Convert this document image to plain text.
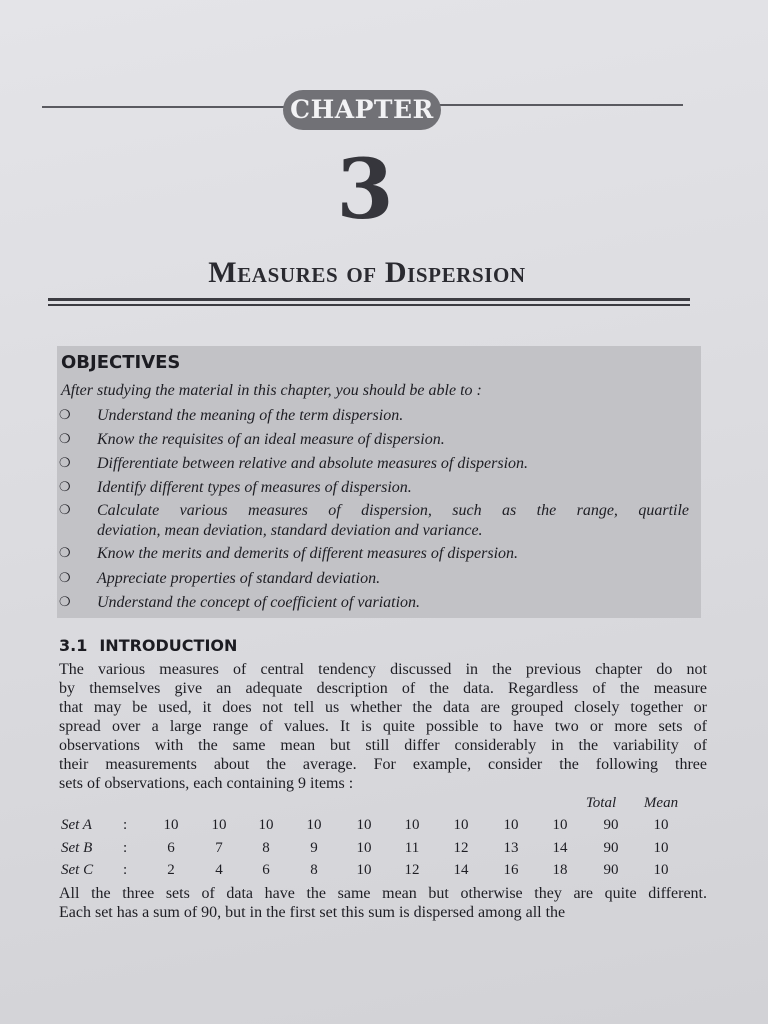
CHAPTER
3
Measures of Dispersion
OBJECTIVES
After studying the material in this chapter, you should be able to :
❍ Understand the meaning of the term dispersion.
❍ Know the requisites of an ideal measure of dispersion.
❍ Differentiate between relative and absolute measures of dispersion.
❍ Identify different types of measures of dispersion.
❍ Calculate various measures of dispersion, such as the range, quartile
deviation, mean deviation, standard deviation and variance.
❍ Know the merits and demerits of different measures of dispersion.
❍ Appreciate properties of standard deviation.
❍ Understand the concept of coefficient of variation.
3.1 INTRODUCTION
The various measures of central tendency discussed in the previous chapter do not
by themselves give an adequate description of the data. Regardless of the measure
that may be used, it does not tell us whether the data are grouped closely together or
spread over a large range of values. It is quite possible to have two or more sets of
observations with the same mean but still differ considerably in the variability of
their measurements about the average. For example, consider the following three
sets of observations, each containing 9 items :
Total	Mean
Set A :	10	10	10	10	10	10	10	10	10	90	10
Set B :	6	7	8	9	10	11	12	13	14	90	10
Set C :	2	4	6	8	10	12	14	16	18	90	10
All the three sets of data have the same mean but otherwise they are quite different.
Each set has a sum of 90, but in the first set this sum is dispersed among all the
